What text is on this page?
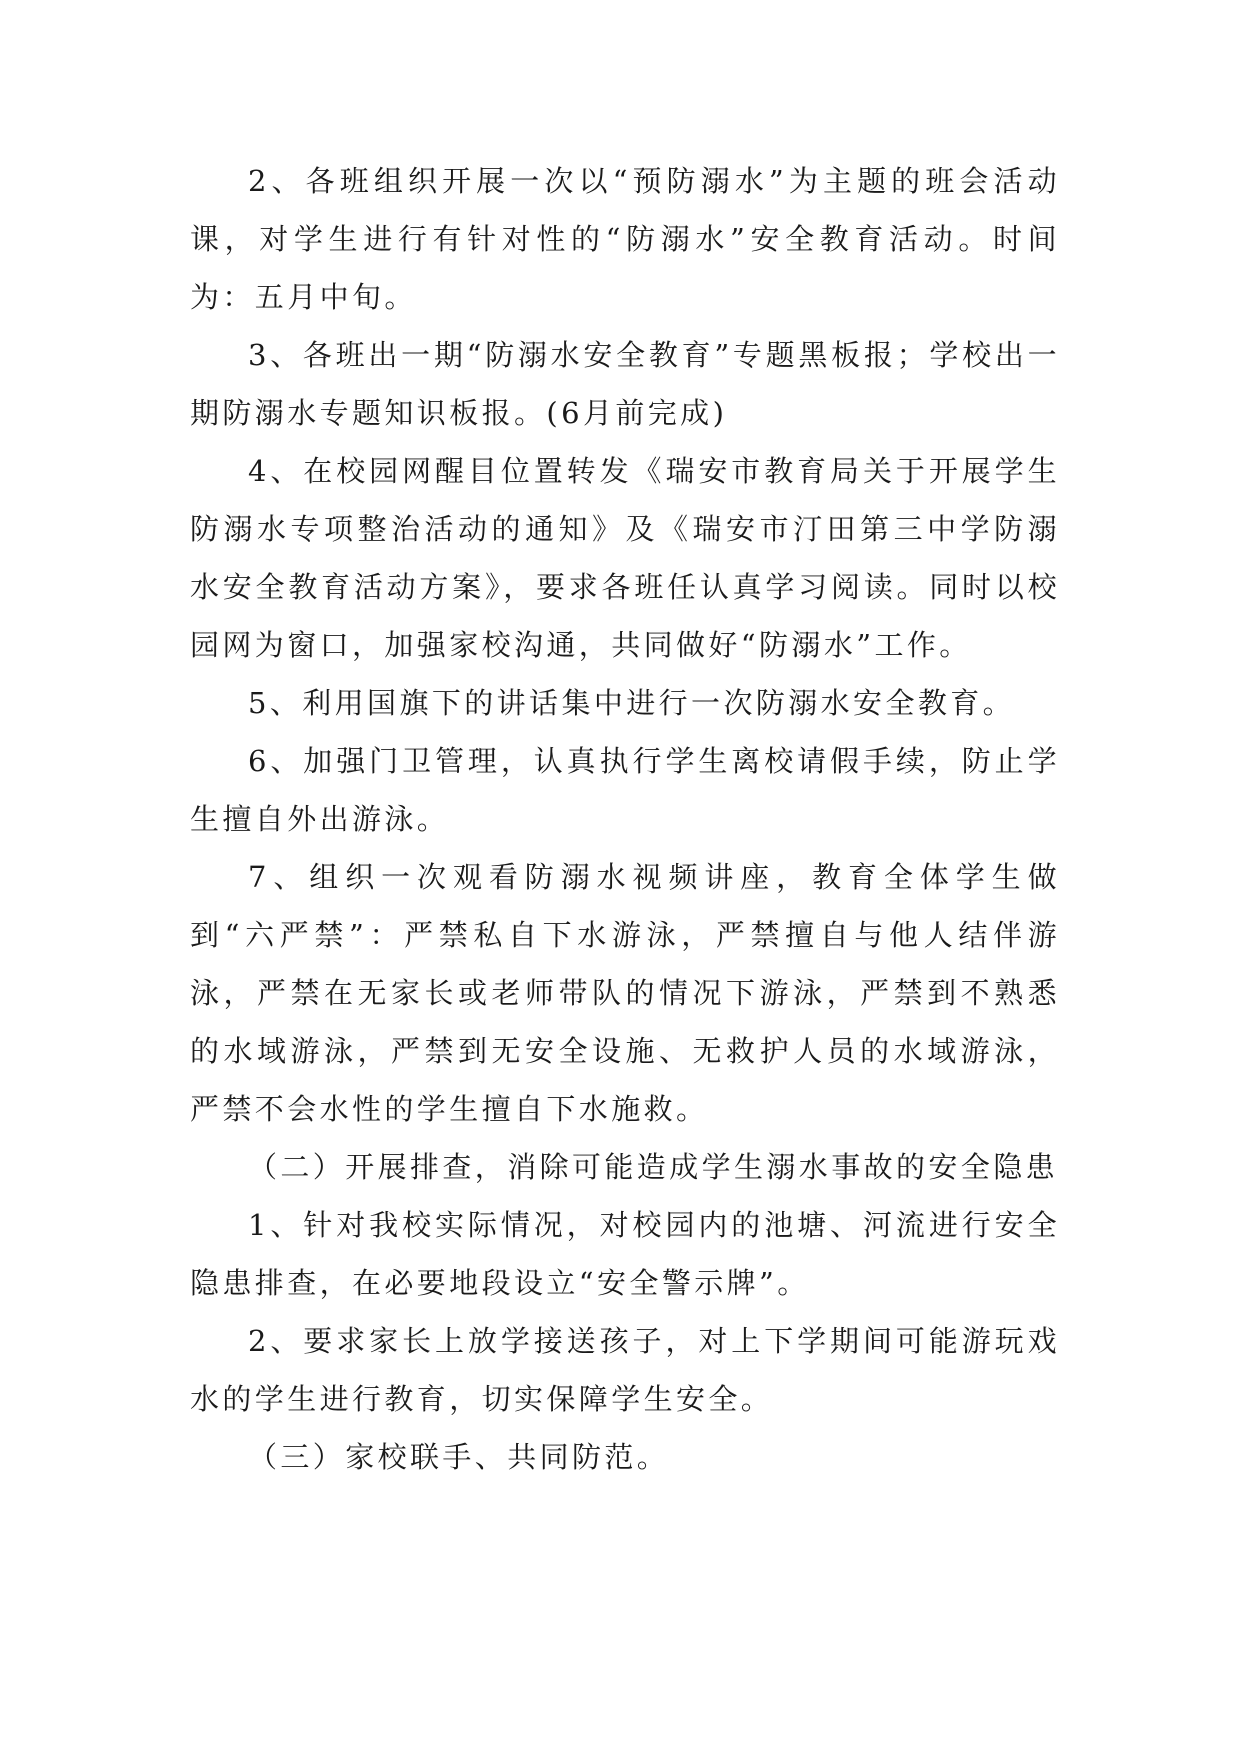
2、各班组织开展一次以“预防溺水”为主题的班会活动课，对学生进行有针对性的“防溺水”安全教育活动。时间为：五月中旬。

3、各班出一期“防溺水安全教育”专题黑板报；学校出一期防溺水专题知识板报。(6月前完成)

4、在校园网醒目位置转发《瑞安市教育局关于开展学生防溺水专项整治活动的通知》及《瑞安市汀田第三中学防溺水安全教育活动方案》，要求各班任认真学习阅读。同时以校园网为窗口，加强家校沟通，共同做好“防溺水”工作。

5、利用国旗下的讲话集中进行一次防溺水安全教育。

6、加强门卫管理，认真执行学生离校请假手续，防止学生擅自外出游泳。

7、组织一次观看防溺水视频讲座，教育全体学生做到“六严禁”：严禁私自下水游泳，严禁擅自与他人结伴游泳，严禁在无家长或老师带队的情况下游泳，严禁到不熟悉的水域游泳，严禁到无安全设施、无救护人员的水域游泳，严禁不会水性的学生擅自下水施救。

（二）开展排查，消除可能造成学生溺水事故的安全隐患

1、针对我校实际情况，对校园内的池塘、河流进行安全隐患排查，在必要地段设立“安全警示牌”。

2、要求家长上放学接送孩子，对上下学期间可能游玩戏水的学生进行教育，切实保障学生安全。

（三）家校联手、共同防范。
